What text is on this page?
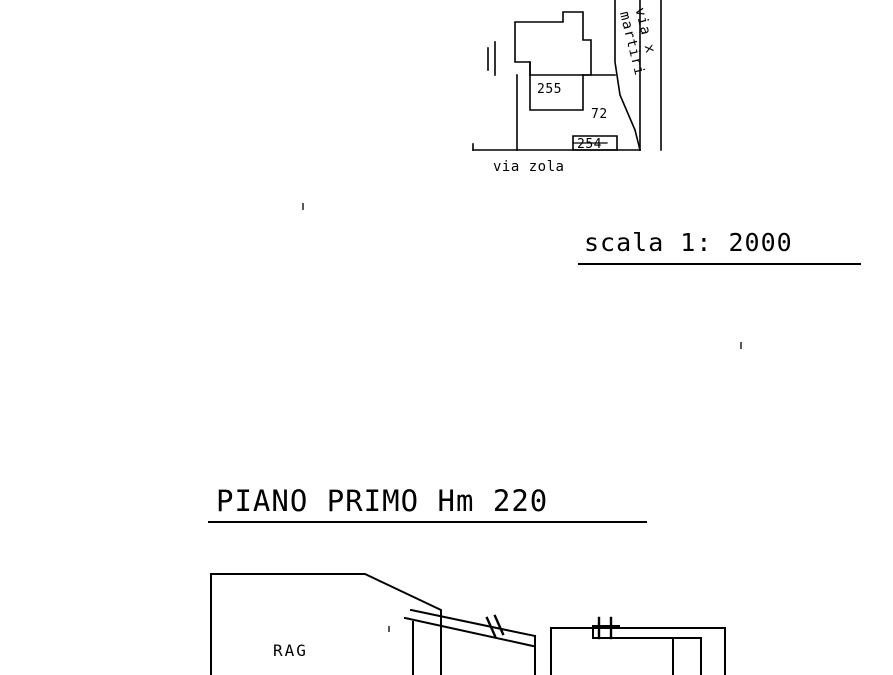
255
72
254
via zola
via x martiri
scala 1: 2000
PIANO PRIMO Hm 220
RAG
